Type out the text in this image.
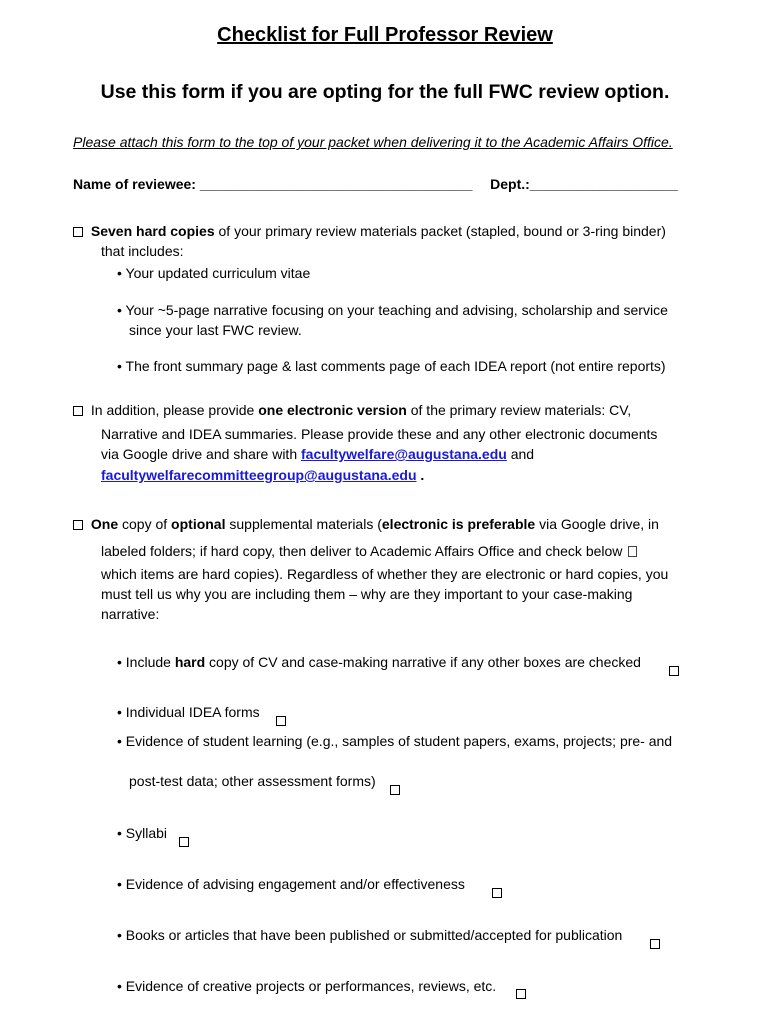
Checklist for Full Professor Review
Use this form if you are opting for the full FWC review option.
Please attach this form to the top of your packet when delivering it to the Academic Affairs Office.
Name of reviewee: ___________________________________ Dept.:___________________
Seven hard copies of your primary review materials packet (stapled, bound or 3-ring binder)
that includes:
• Your updated curriculum vitae
• Your ~5-page narrative focusing on your teaching and advising, scholarship and service
since your last FWC review.
• The front summary page & last comments page of each IDEA report (not entire reports)
In addition, please provide one electronic version of the primary review materials: CV,
Narrative and IDEA summaries. Please provide these and any other electronic documents
via Google drive and share with facultywelfare@augustana.edu and
facultywelfarecommitteegroup@augustana.edu .
One copy of optional supplemental materials (electronic is preferable via Google drive, in
labeled folders; if hard copy, then deliver to Academic Affairs Office and check below
which items are hard copies). Regardless of whether they are electronic or hard copies, you
must tell us why you are including them – why are they important to your case-making
narrative:
• Include hard copy of CV and case-making narrative if any other boxes are checked
• Individual IDEA forms
• Evidence of student learning (e.g., samples of student papers, exams, projects; pre- and
post-test data; other assessment forms)
• Syllabi
• Evidence of advising engagement and/or effectiveness
• Books or articles that have been published or submitted/accepted for publication
• Evidence of creative projects or performances, reviews, etc.
